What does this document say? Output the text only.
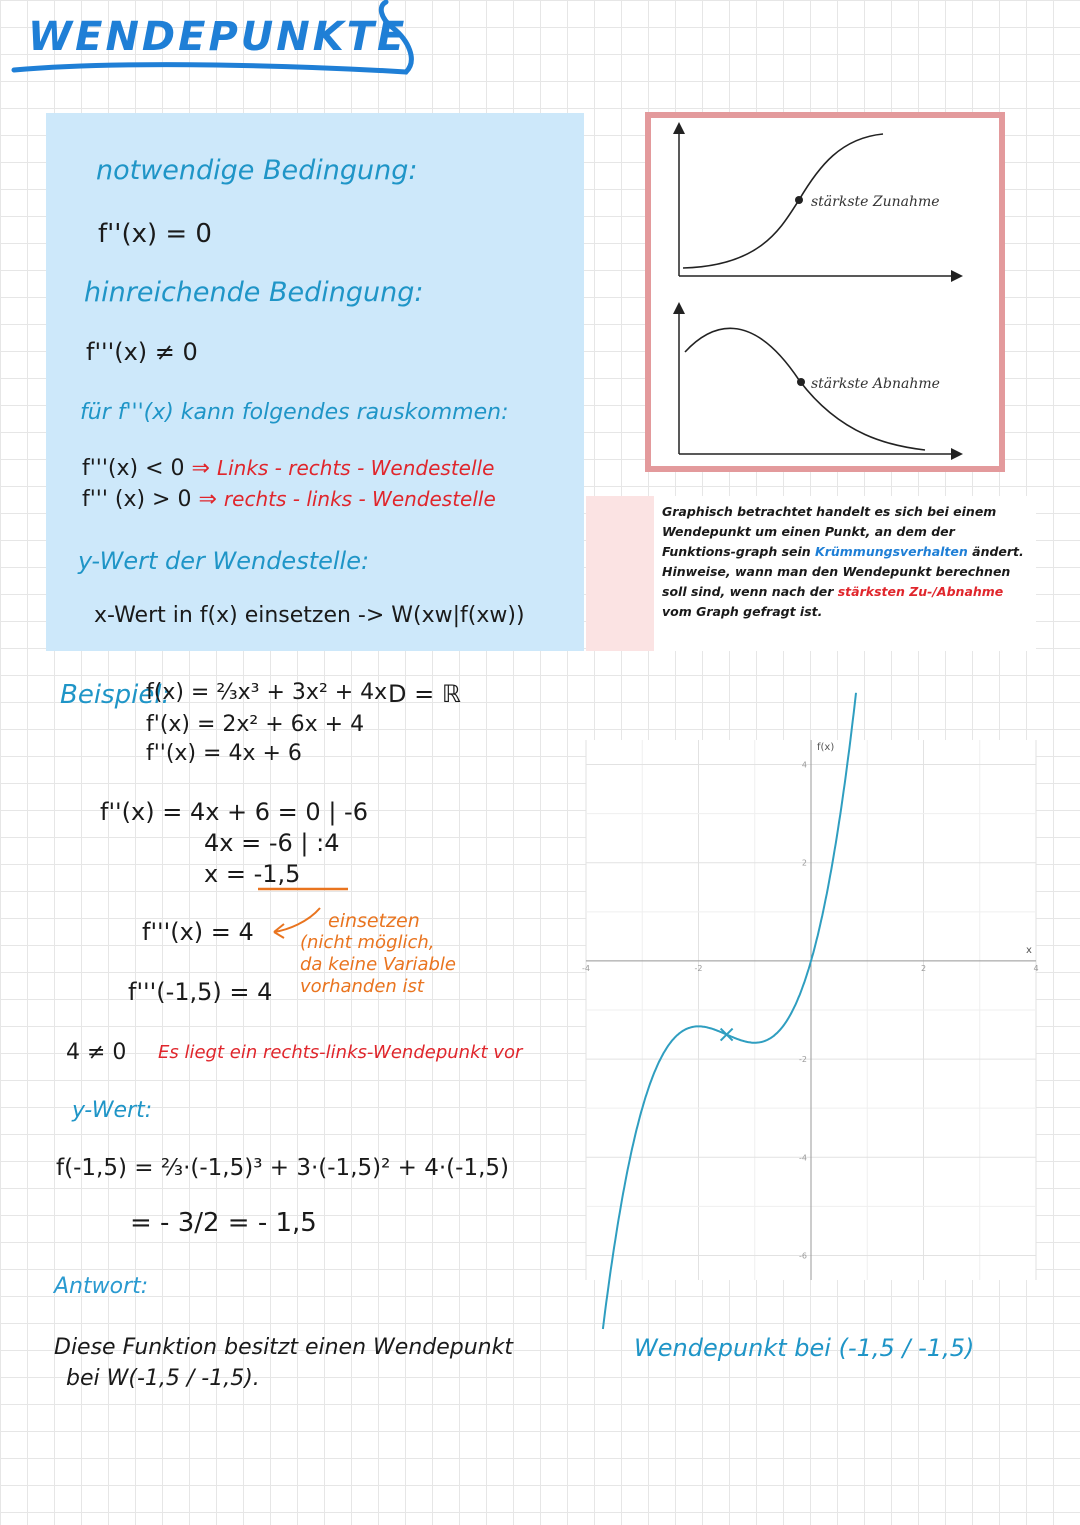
WENDEPUNKTE
notwendige Bedingung:
f''(x) = 0
hinreichende Bedingung:
f'''(x) ≠ 0
für f'''(x) kann folgendes rauskommen:
f'''(x) < 0 ⇒ Links - rechts - Wendestelle
f''' (x) > 0 ⇒ rechts - links - Wendestelle
y-Wert der Wendestelle:
x-Wert in f(x) einsetzen -> W(xw|f(xw))
stärkste Zunahme
stärkste Abnahme
Graphisch betrachtet handelt es sich bei einem Wendepunkt um einen Punkt, an dem der Funktions-graph sein Krümmungsverhalten ändert. Hinweise, wann man den Wendepunkt berechnen soll sind, wenn nach der stärksten Zu-/Abnahme vom Graph gefragt ist.
Beispiel:
f(x) = ²⁄₃x³ + 3x² + 4x D = ℝ
f'(x) = 2x² + 6x + 4
f''(x) = 4x + 6
f''(x) = 4x + 6 = 0 | -6
4x = -6 | :4
x = -1,5
f'''(x) = 4
f'''(-1,5) = 4
einsetzen
(nicht möglich,
da keine Variable
vorhanden ist
4 ≠ 0 Es liegt ein rechts-links-Wendepunkt vor
y-Wert:
f(-1,5) = ²⁄₃·(-1,5)³ + 3·(-1,5)² + 4·(-1,5)
= - 3/2 = - 1,5
Antwort:
Diese Funktion besitzt einen Wendepunkt
bei W(-1,5 / -1,5).
Wendepunkt bei (-1,5 / -1,5)
-4	-2	2	4
4
2
-2
-4
-6
x
f(x)
